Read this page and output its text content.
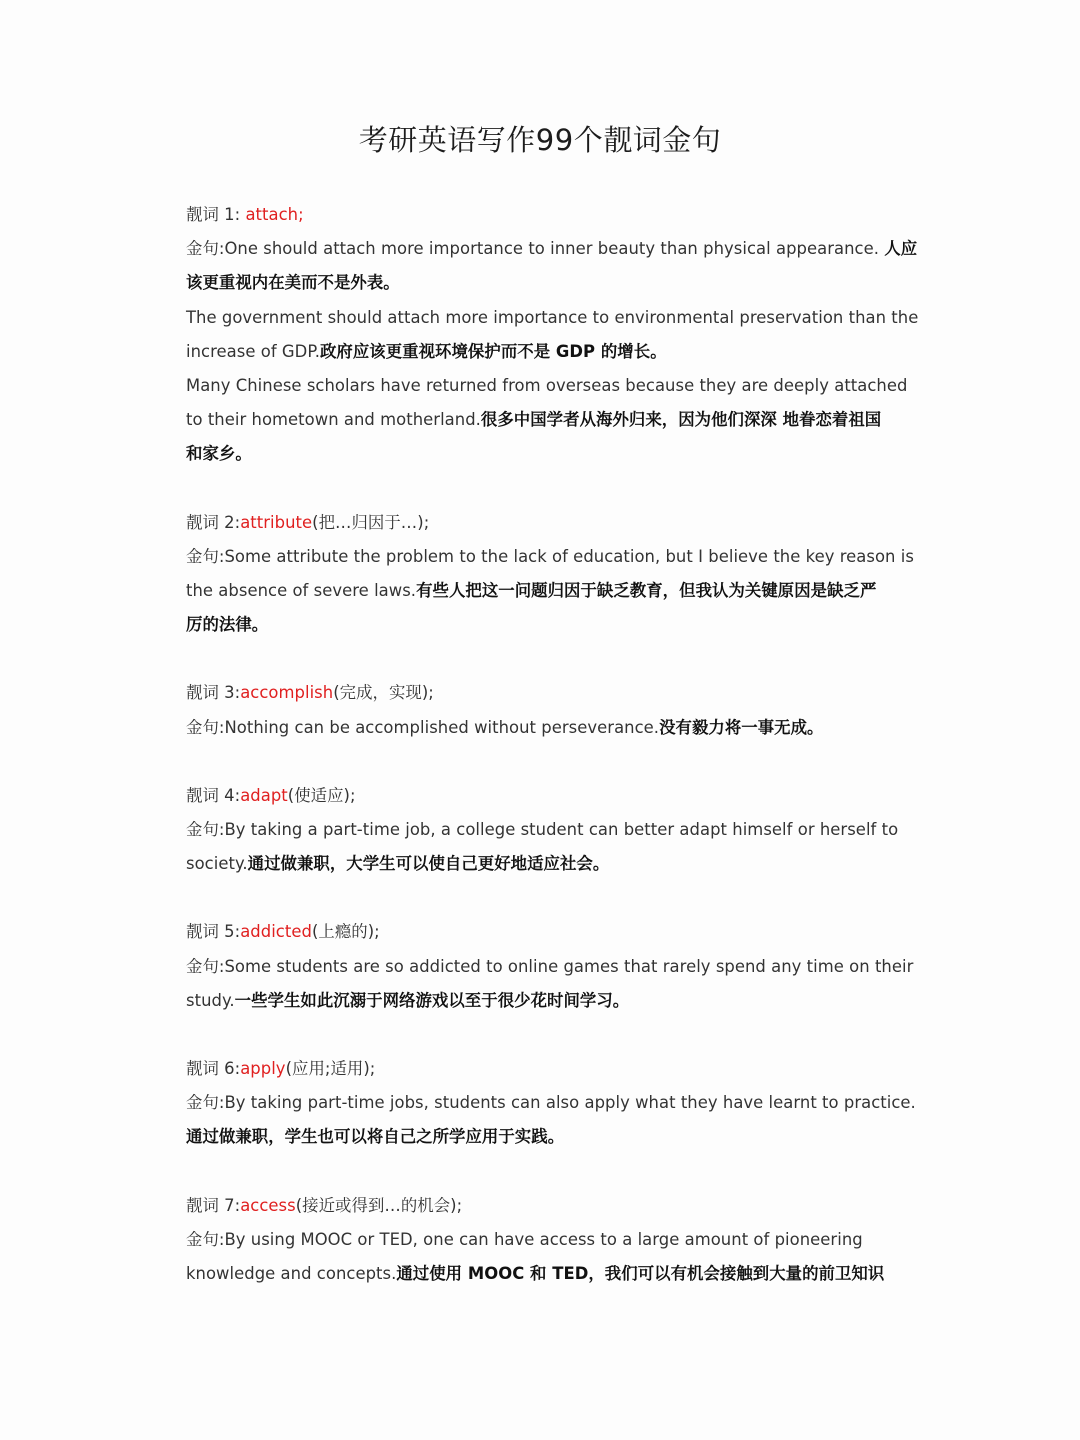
考研英语写作99个靓词金句
靓词 1: attach;
金句:One should attach more importance to inner beauty than physical appearance. 人应
该更重视内在美而不是外表。
The government should attach more importance to environmental preservation than the
increase of GDP.政府应该更重视环境保护而不是 GDP 的增长。
Many Chinese scholars have returned from overseas because they are deeply attached
to their hometown and motherland.很多中国学者从海外归来，因为他们深深 地眷恋着祖国
和家乡。
靓词 2:attribute(把…归因于…);
金句:Some attribute the problem to the lack of education, but I believe the key reason is
the absence of severe laws.有些人把这一问题归因于缺乏教育，但我认为关键原因是缺乏严
厉的法律。
靓词 3:accomplish(完成，实现);
金句:Nothing can be accomplished without perseverance.没有毅力将一事无成。
靓词 4:adapt(使适应);
金句:By taking a part-time job, a college student can better adapt himself or herself to
society.通过做兼职，大学生可以使自己更好地适应社会。
靓词 5:addicted(上瘾的);
金句:Some students are so addicted to online games that rarely spend any time on their
study.一些学生如此沉溺于网络游戏以至于很少花时间学习。
靓词 6:apply(应用;适用);
金句:By taking part-time jobs, students can also apply what they have learnt to practice.
通过做兼职，学生也可以将自己之所学应用于实践。
靓词 7:access(接近或得到…的机会);
金句:By using MOOC or TED, one can have access to a large amount of pioneering
knowledge and concepts.通过使用 MOOC 和 TED，我们可以有机会接触到大量的前卫知识
